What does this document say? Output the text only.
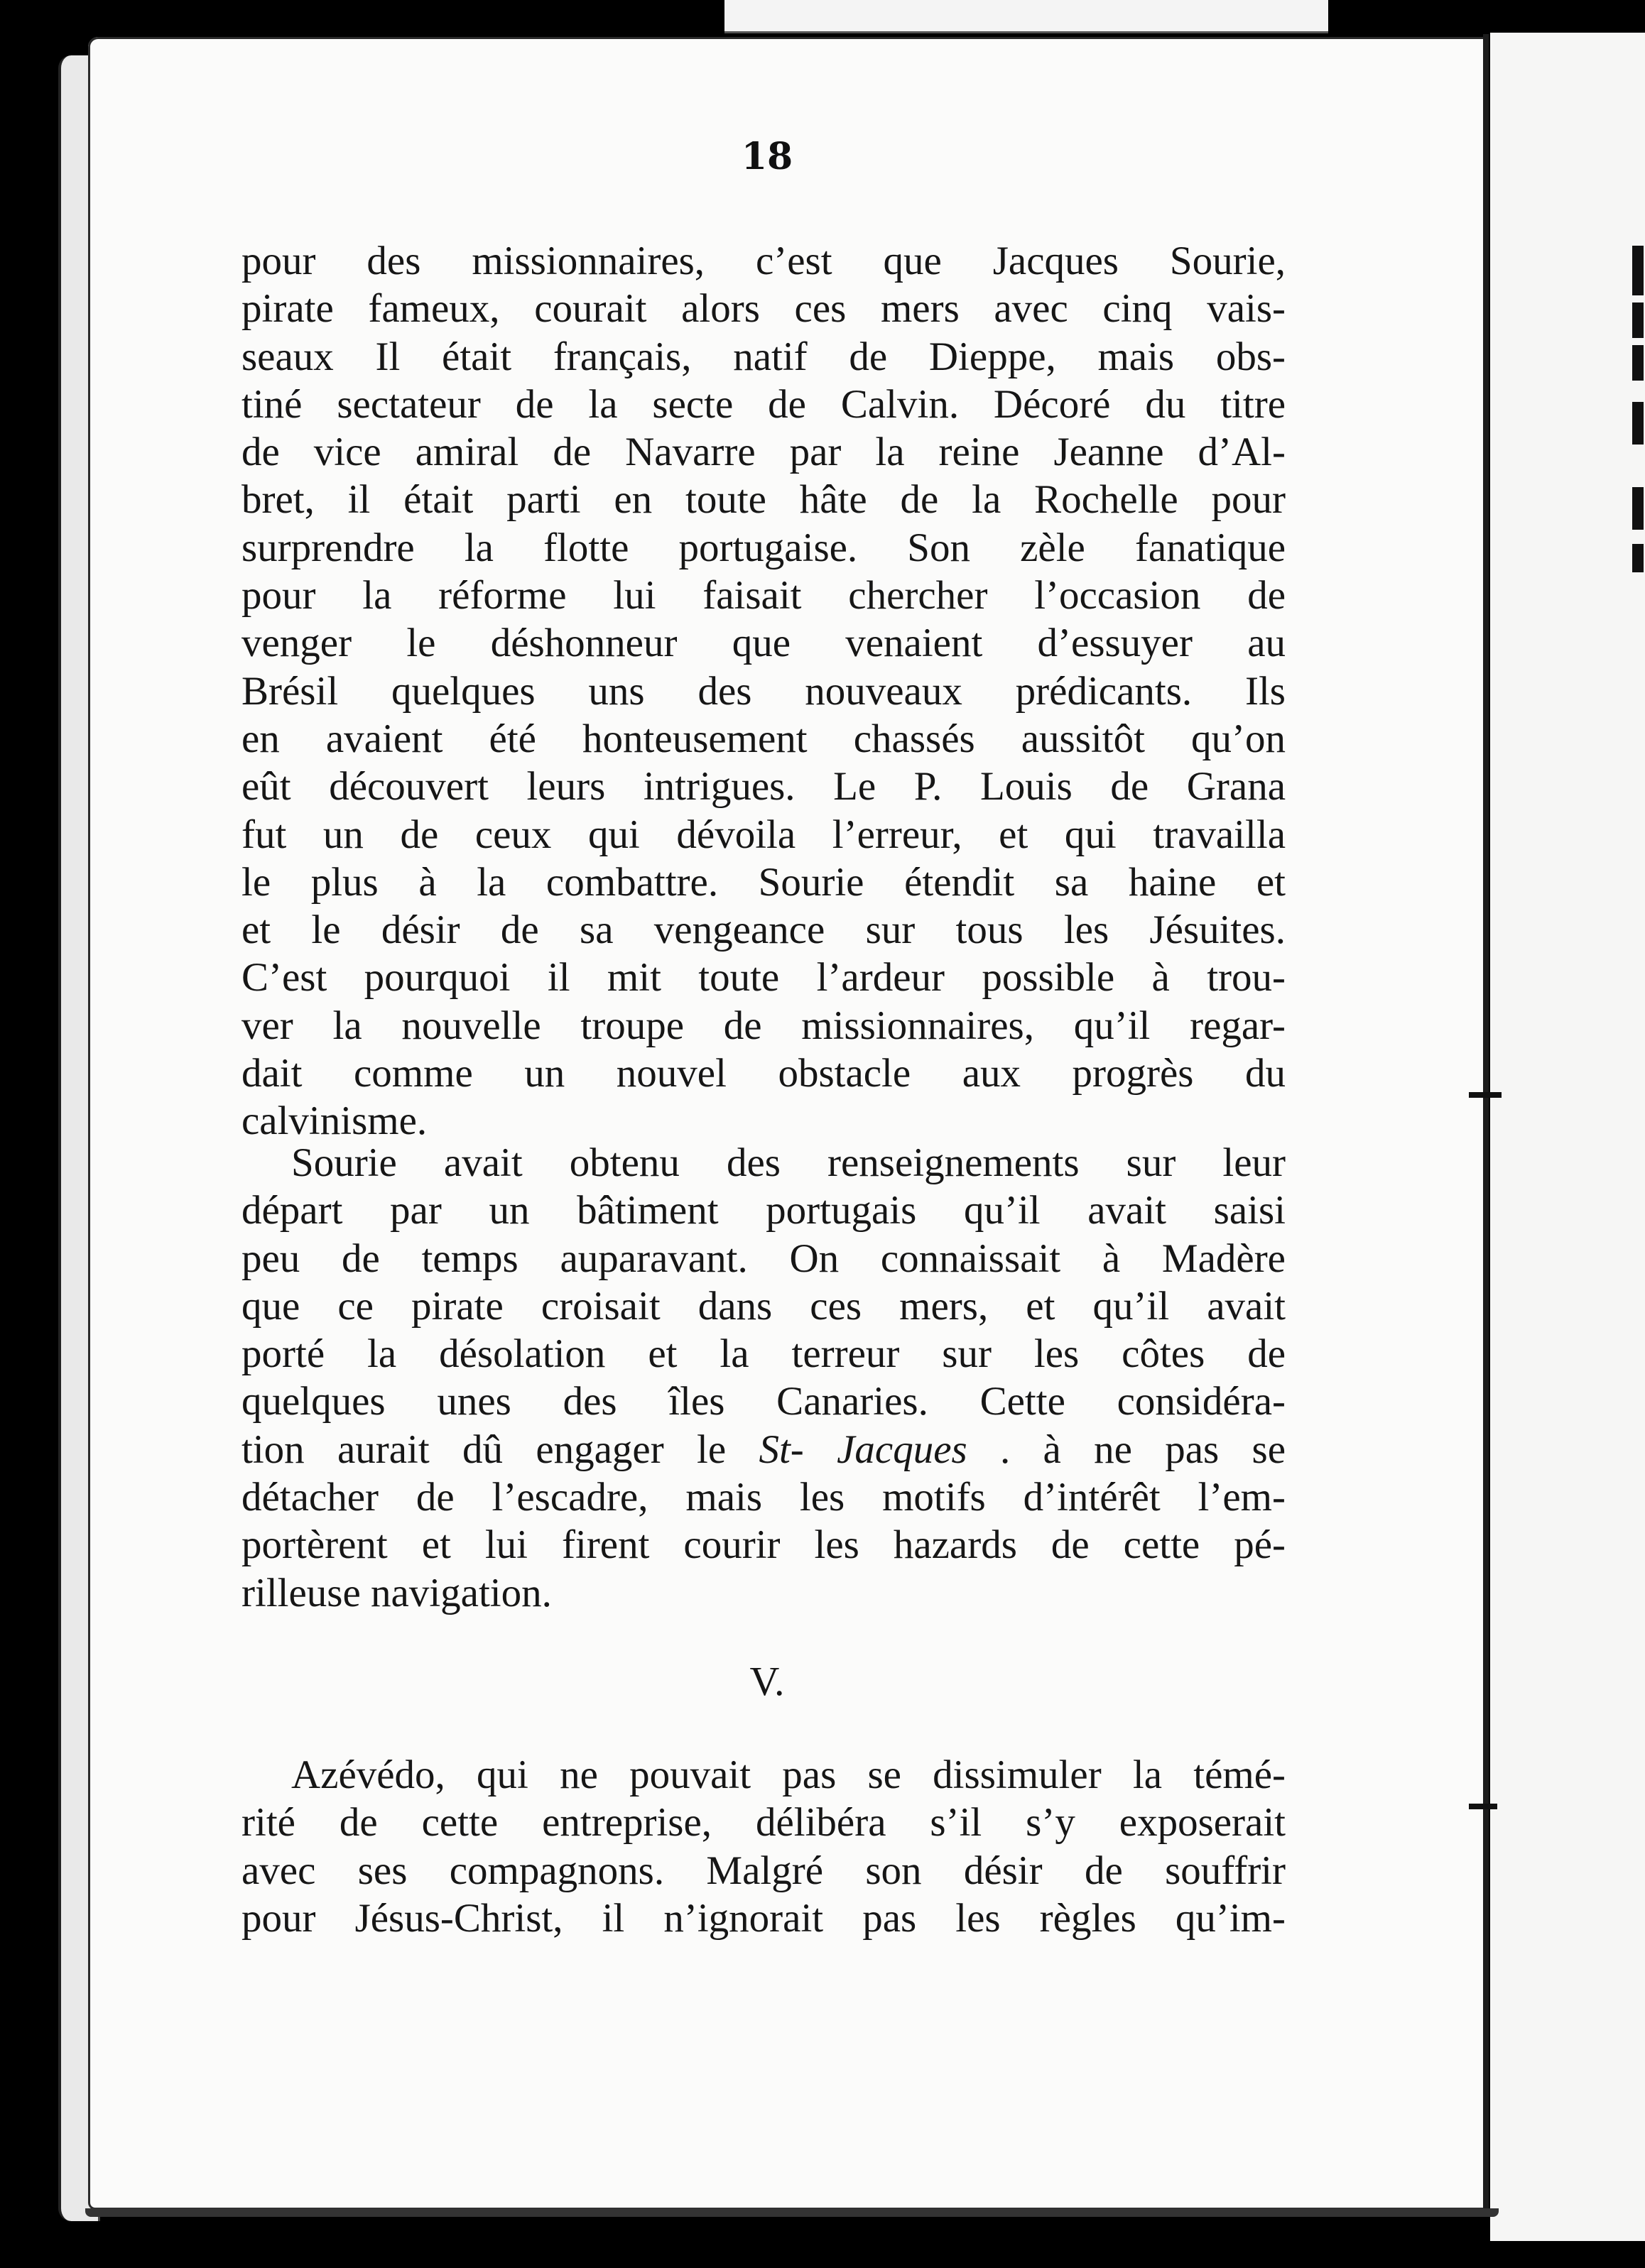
18
pour des missionnaires, c’est que Jacques Sourie,
pirate fameux, courait alors ces mers avec cinq vais-
seaux Il était français, natif de Dieppe, mais obs-
tiné sectateur de la secte de Calvin. Décoré du titre
de vice amiral de Navarre par la reine Jeanne d’Al-
bret, il était parti en toute hâte de la Rochelle pour
surprendre la flotte portugaise. Son zèle fanatique
pour la réforme lui faisait chercher l’occasion de
venger le déshonneur que venaient d’essuyer au
Brésil quelques uns des nouveaux prédicants. Ils
en avaient été honteusement chassés aussitôt qu’on
eût découvert leurs intrigues. Le P. Louis de Grana
fut un de ceux qui dévoila l’erreur, et qui travailla
le plus à la combattre. Sourie étendit sa haine et
et le désir de sa vengeance sur tous les Jésuites.
C’est pourquoi il mit toute l’ardeur possible à trou-
ver la nouvelle troupe de missionnaires, qu’il regar-
dait comme un nouvel obstacle aux progrès du
calvinisme.
Sourie avait obtenu des renseignements sur leur
départ par un bâtiment portugais qu’il avait saisi
peu de temps auparavant. On connaissait à Madère
que ce pirate croisait dans ces mers, et qu’il avait
porté la désolation et la terreur sur les côtes de
quelques unes des îles Canaries. Cette considéra-
tion aurait dû engager le St- Jacques . à ne pas se
détacher de l’escadre, mais les motifs d’intérêt l’em-
portèrent et lui firent courir les hazards de cette pé-
rilleuse navigation.
V.
Azévédo, qui ne pouvait pas se dissimuler la témé-
rité de cette entreprise, délibéra s’il s’y exposerait
avec ses compagnons. Malgré son désir de souffrir
pour Jésus-Christ, il n’ignorait pas les règles qu’im-
